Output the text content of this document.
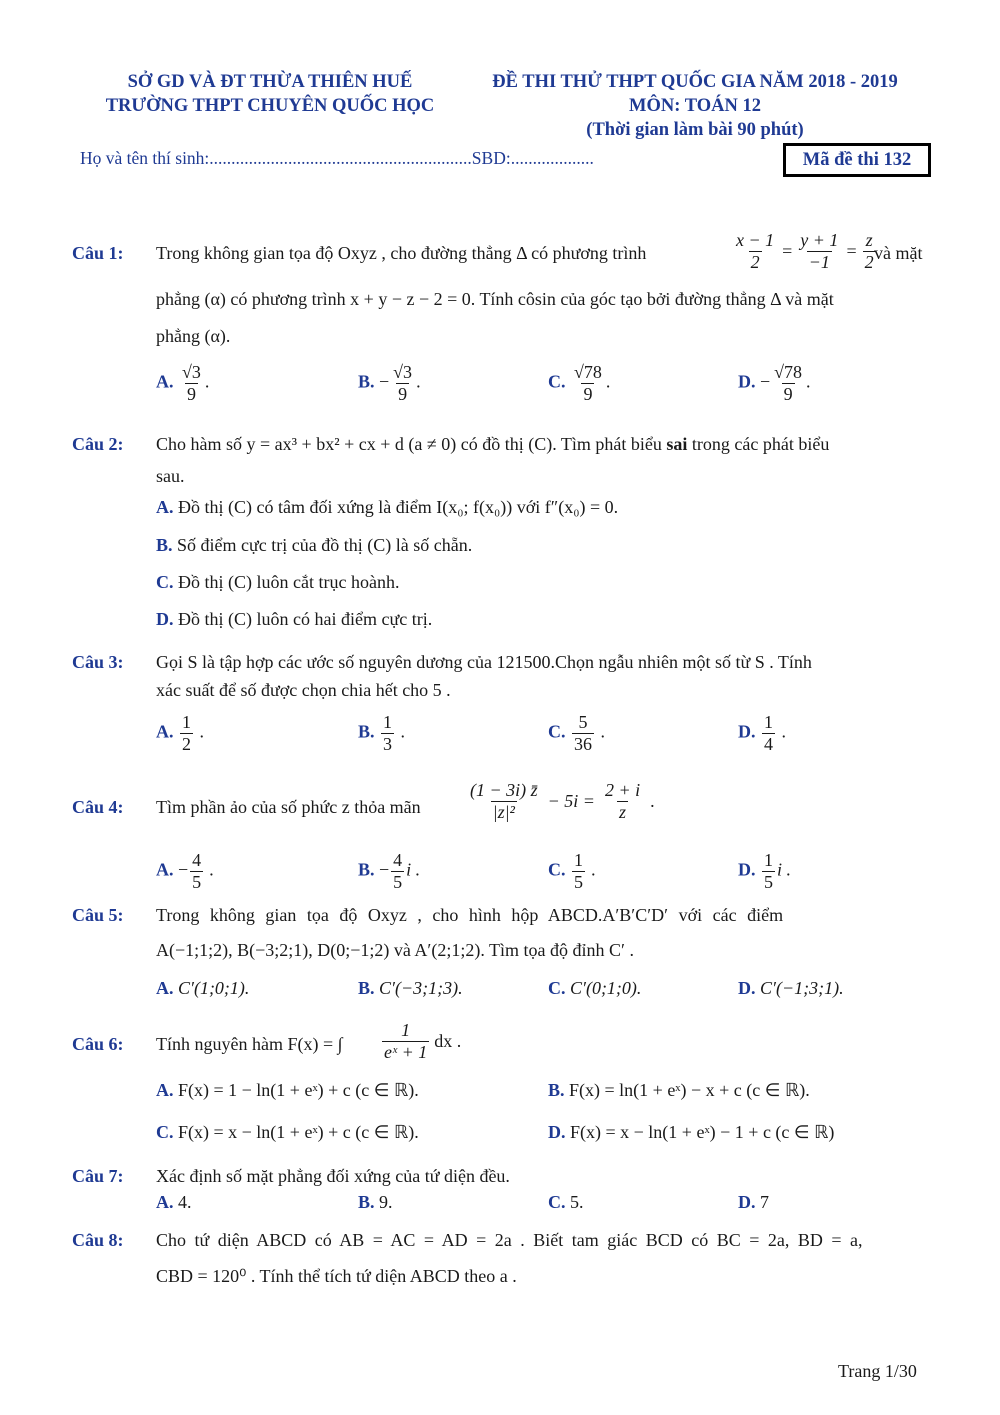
SỞ GD VÀ ĐT THỪA THIÊN HUẾ
TRƯỜNG THPT CHUYÊN QUỐC HỌC
ĐỀ THI THỬ THPT QUỐC GIA NĂM 2018 - 2019
MÔN: TOÁN 12
(Thời gian làm bài 90 phút)
Họ và tên thí sinh:............................................................SBD:...................	Mã đề thi 132
Câu 1: Trong không gian tọa độ Oxyz , cho đường thẳng Δ có phương trình	$\frac{x - 1}{2} = \frac{y + 1}{-1} = \frac{z}{2}$
và mặt
phẳng (α) có phương trình x + y − z − 2 = 0. Tính côsin của góc tạo bởi đường thẳng Δ và mặt
phẳng (α).
A. $\frac{√3}{9}$ .	B. − $\frac{√3}{9}$ .	C. $\frac{√78}{9}$ .	D. − $\frac{√78}{9}$ .
Câu 2: Cho hàm số y = ax³ + bx² + cx + d (a ≠ 0) có đồ thị (C). Tìm phát biểu sai trong các phát biểu
sau.
A. Đồ thị (C) có tâm đối xứng là điểm I(x₀; f(x₀)) với f″(x₀) = 0.
B. Số điểm cực trị của đồ thị (C) là số chẵn.
C. Đồ thị (C) luôn cắt trục hoành.
D. Đồ thị (C) luôn có hai điểm cực trị.
Câu 3: Gọi S là tập hợp các ước số nguyên dương của 121500.Chọn ngẫu nhiên một số từ S . Tính
xác suất để số được chọn chia hết cho 5 .
A. $\frac{1}{2}$ .	B. $\frac{1}{3}$ .	C. $\frac{5}{36}$ .	D. $\frac{1}{4}$ .
Câu 4: Tìm phần ảo của số phức z thỏa mãn	$\frac{(1 - 3i) z̄}{\text{|z|²}} - 5i = \frac{2 + i}{z}$ .
A. − $\frac{4}{5}$ .	B. − $\frac{4}{5}$ i .	C. $\frac{1}{5}$ .	D. $\frac{1}{5}$ i .
Câu 5: Trong không gian tọa độ Oxyz , cho hình hộp ABCD.A′B′C′D′ với các điểm
A(−1;1;2), B(−3;2;1), D(0;−1;2) và A′(2;1;2). Tìm tọa độ đỉnh C′ .
A. C′(1;0;1).	B. C′(−3;1;3).	C. C′(0;1;0).	D. C′(−1;3;1).
Câu 6: Tính nguyên hàm F(x) = ∫ $\frac{1}{\text{eˣ + 1}}$ dx .
A. F(x) = 1 − ln(1 + eˣ) + c (c ∈ ℝ).	B. F(x) = ln(1 + eˣ) − x + c (c ∈ ℝ).
C. F(x) = x − ln(1 + eˣ) + c (c ∈ ℝ).	D. F(x) = x − ln(1 + eˣ) − 1 + c (c ∈ ℝ)
Câu 7: Xác định số mặt phẳng đối xứng của tứ diện đều.
A. 4.	B. 9.	C. 5.	D. 7
Câu 8: Cho tứ diện ABCD có AB = AC = AD = 2a . Biết tam giác BCD có BC = 2a, BD = a,
CBD = 120⁰ . Tính thể tích tứ diện ABCD theo a .
Trang 1/30
